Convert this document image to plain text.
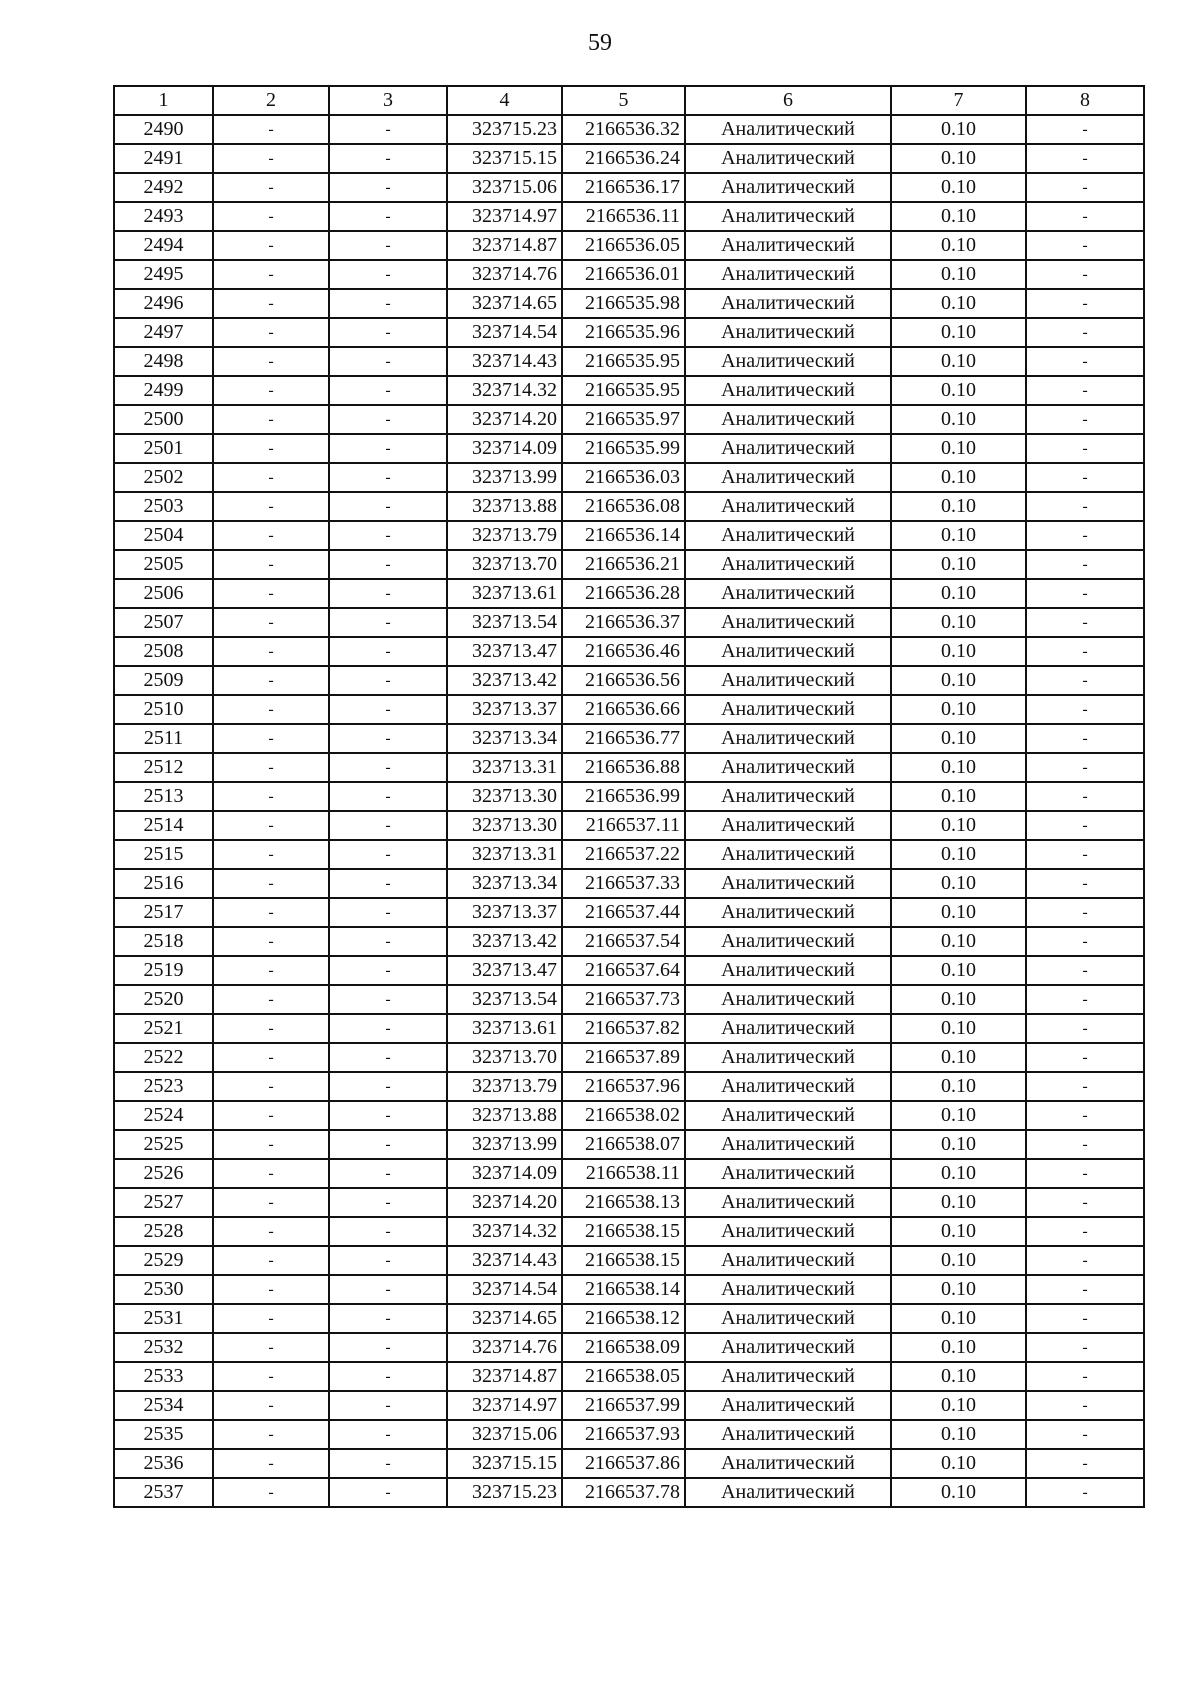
59
1	2	3	4	5	6	7	8
2490	-	-	323715.23	2166536.32	Аналитический	0.10	-
2491	-	-	323715.15	2166536.24	Аналитический	0.10	-
2492	-	-	323715.06	2166536.17	Аналитический	0.10	-
2493	-	-	323714.97	2166536.11	Аналитический	0.10	-
2494	-	-	323714.87	2166536.05	Аналитический	0.10	-
2495	-	-	323714.76	2166536.01	Аналитический	0.10	-
2496	-	-	323714.65	2166535.98	Аналитический	0.10	-
2497	-	-	323714.54	2166535.96	Аналитический	0.10	-
2498	-	-	323714.43	2166535.95	Аналитический	0.10	-
2499	-	-	323714.32	2166535.95	Аналитический	0.10	-
2500	-	-	323714.20	2166535.97	Аналитический	0.10	-
2501	-	-	323714.09	2166535.99	Аналитический	0.10	-
2502	-	-	323713.99	2166536.03	Аналитический	0.10	-
2503	-	-	323713.88	2166536.08	Аналитический	0.10	-
2504	-	-	323713.79	2166536.14	Аналитический	0.10	-
2505	-	-	323713.70	2166536.21	Аналитический	0.10	-
2506	-	-	323713.61	2166536.28	Аналитический	0.10	-
2507	-	-	323713.54	2166536.37	Аналитический	0.10	-
2508	-	-	323713.47	2166536.46	Аналитический	0.10	-
2509	-	-	323713.42	2166536.56	Аналитический	0.10	-
2510	-	-	323713.37	2166536.66	Аналитический	0.10	-
2511	-	-	323713.34	2166536.77	Аналитический	0.10	-
2512	-	-	323713.31	2166536.88	Аналитический	0.10	-
2513	-	-	323713.30	2166536.99	Аналитический	0.10	-
2514	-	-	323713.30	2166537.11	Аналитический	0.10	-
2515	-	-	323713.31	2166537.22	Аналитический	0.10	-
2516	-	-	323713.34	2166537.33	Аналитический	0.10	-
2517	-	-	323713.37	2166537.44	Аналитический	0.10	-
2518	-	-	323713.42	2166537.54	Аналитический	0.10	-
2519	-	-	323713.47	2166537.64	Аналитический	0.10	-
2520	-	-	323713.54	2166537.73	Аналитический	0.10	-
2521	-	-	323713.61	2166537.82	Аналитический	0.10	-
2522	-	-	323713.70	2166537.89	Аналитический	0.10	-
2523	-	-	323713.79	2166537.96	Аналитический	0.10	-
2524	-	-	323713.88	2166538.02	Аналитический	0.10	-
2525	-	-	323713.99	2166538.07	Аналитический	0.10	-
2526	-	-	323714.09	2166538.11	Аналитический	0.10	-
2527	-	-	323714.20	2166538.13	Аналитический	0.10	-
2528	-	-	323714.32	2166538.15	Аналитический	0.10	-
2529	-	-	323714.43	2166538.15	Аналитический	0.10	-
2530	-	-	323714.54	2166538.14	Аналитический	0.10	-
2531	-	-	323714.65	2166538.12	Аналитический	0.10	-
2532	-	-	323714.76	2166538.09	Аналитический	0.10	-
2533	-	-	323714.87	2166538.05	Аналитический	0.10	-
2534	-	-	323714.97	2166537.99	Аналитический	0.10	-
2535	-	-	323715.06	2166537.93	Аналитический	0.10	-
2536	-	-	323715.15	2166537.86	Аналитический	0.10	-
2537	-	-	323715.23	2166537.78	Аналитический	0.10	-
